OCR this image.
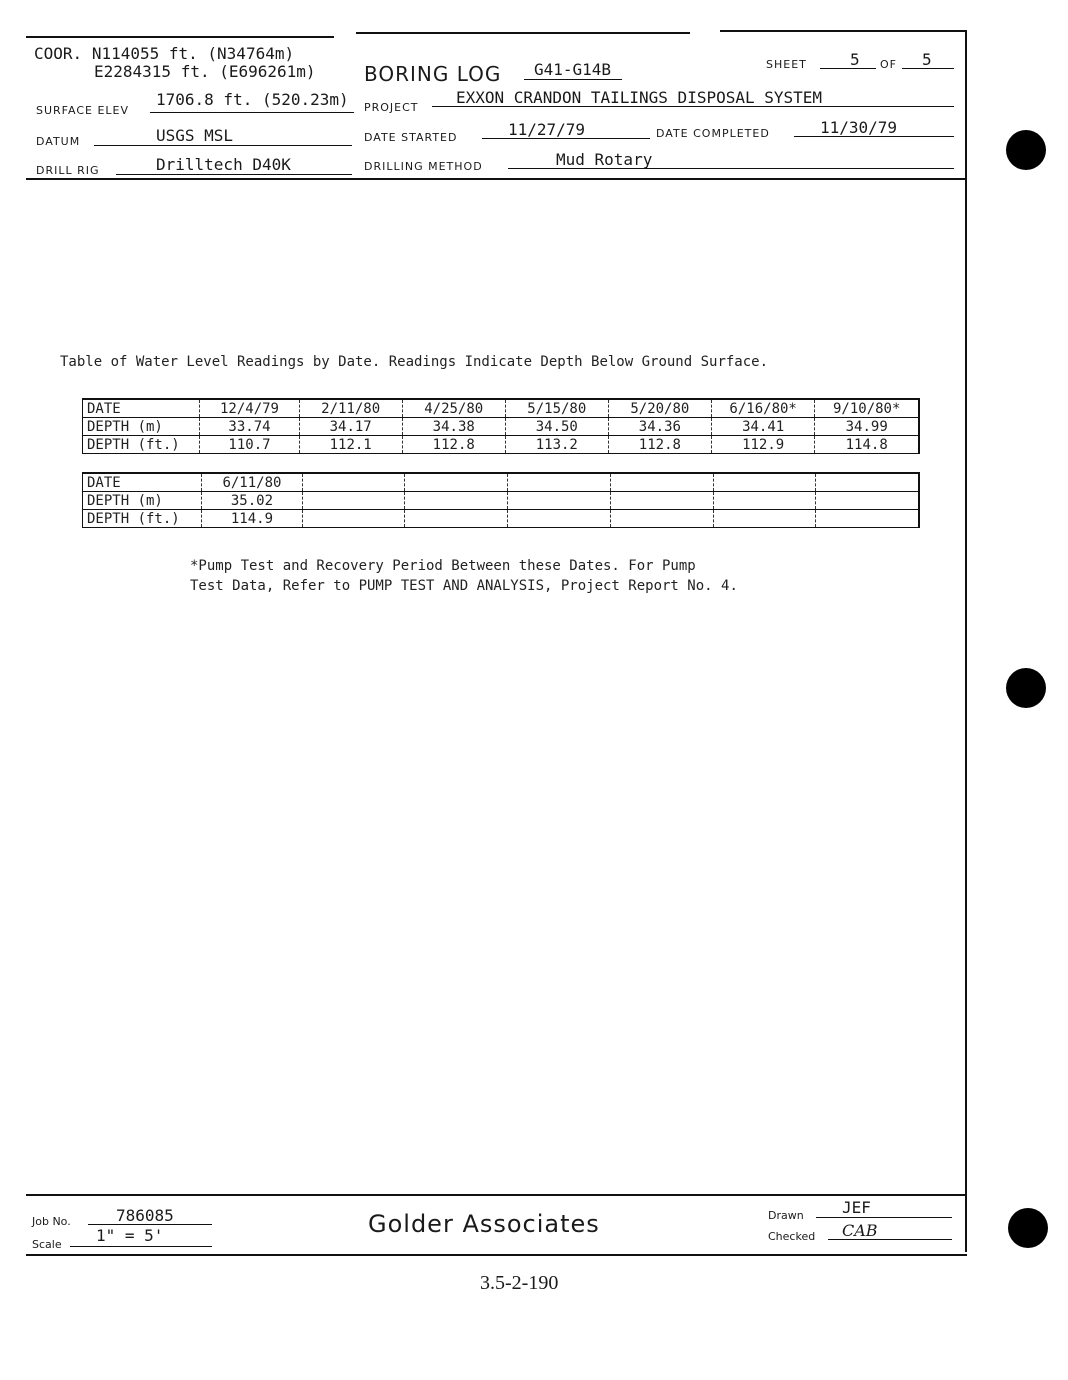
COOR. N114055 ft. (N34764m)
E2284315 ft. (E696261m)
SURFACE ELEV
1706.8 ft. (520.23m)
DATUM	USGS MSL
DRILL RIG	Drilltech D40K
BORING LOG G41-G14B	SHEET	5 OF 5
PROJECT
EXXON CRANDON TAILINGS DISPOSAL SYSTEM
DATE STARTED	11/27/79	DATE COMPLETED	11/30/79
DRILLING METHOD	Mud Rotary
Table of Water Level Readings by Date. Readings Indicate Depth Below Ground Surface.
DATE	12/4/79	2/11/80	4/25/80	5/15/80	5/20/80	6/16/80*	9/10/80*
DEPTH (m)	33.74	34.17	34.38	34.50	34.36	34.41	34.99
DEPTH (ft.)	110.7	112.1	112.8	113.2	112.8	112.9	114.8
DATE	6/11/80						
DEPTH (m)	35.02						
DEPTH (ft.)	114.9						
*Pump Test and Recovery Period Between these Dates. For Pump
Test Data, Refer to PUMP TEST AND ANALYSIS, Project Report No. 4.
Job No.	786085
Scale 1" = 5'	Golder Associates	Drawn JEF
Checked CAB
3.5-2-190
